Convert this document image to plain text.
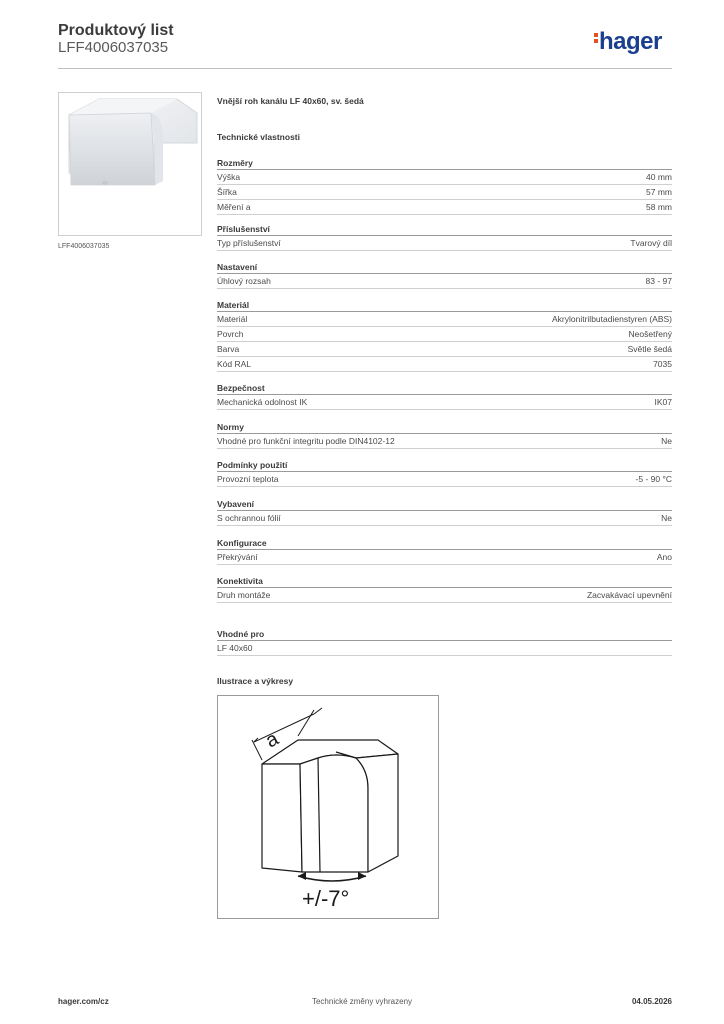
Produktový list
LFF4006037035	hager
LFF4006037035
Vnější roh kanálu LF 40x60, sv. šedá
Technické vlastnosti
Rozměry
Výška	40 mm
Šířka	57 mm
Měření a	58 mm
Příslušenství
Typ příslušenství	Tvarový díl
Nastavení
Úhlový rozsah	83 - 97
Materiál
Materiál	Akrylonitrilbutadienstyren (ABS)
Povrch	Neošetřený
Barva	Světle šedá
Kód RAL	7035
Bezpečnost
Mechanická odolnost IK	IK07
Normy
Vhodné pro funkční integritu podle DIN4102-12	Ne
Podmínky použití
Provozní teplota	-5 - 90 °C
Vybavení
S ochrannou fólií	Ne
Konfigurace
Překrývání	Ano
Konektivita
Druh montáže	Zacvakávací upevnění
Vhodné pro
LF 40x60
Ilustrace a výkresy
a
+/-7°
hager.com/cz	Technické změny vyhrazeny	04.05.2026
